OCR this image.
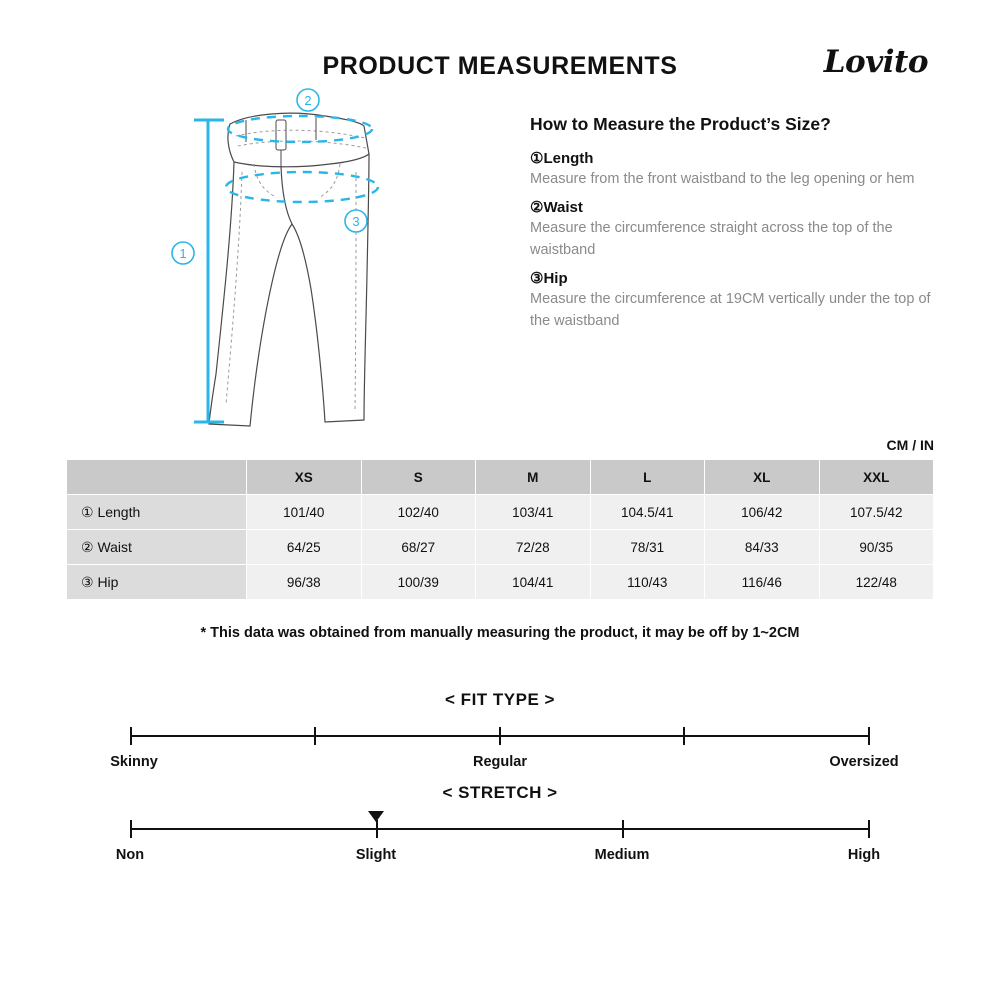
PRODUCT MEASUREMENTS	Lovito
2
3
1
How to Measure the Product’s Size?
①Length
Measure from the front waistband to the leg opening or hem
②Waist
Measure the circumference straight across the top of the waistband
③Hip
Measure the circumference at 19CM vertically under the top of the waistband
CM / IN
	XS	S	M	L	XL	XXL
① Length	101/40	102/40	103/41	104.5/41	106/42	107.5/42
② Waist	64/25	68/27	72/28	78/31	84/33	90/35
③ Hip	96/38	100/39	104/41	110/43	116/46	122/48
* This data was obtained from manually measuring the product, it may be off by 1~2CM
< FIT TYPE >
Skinny	Regular	Oversized
< STRETCH >
Non	Slight	Medium	High
